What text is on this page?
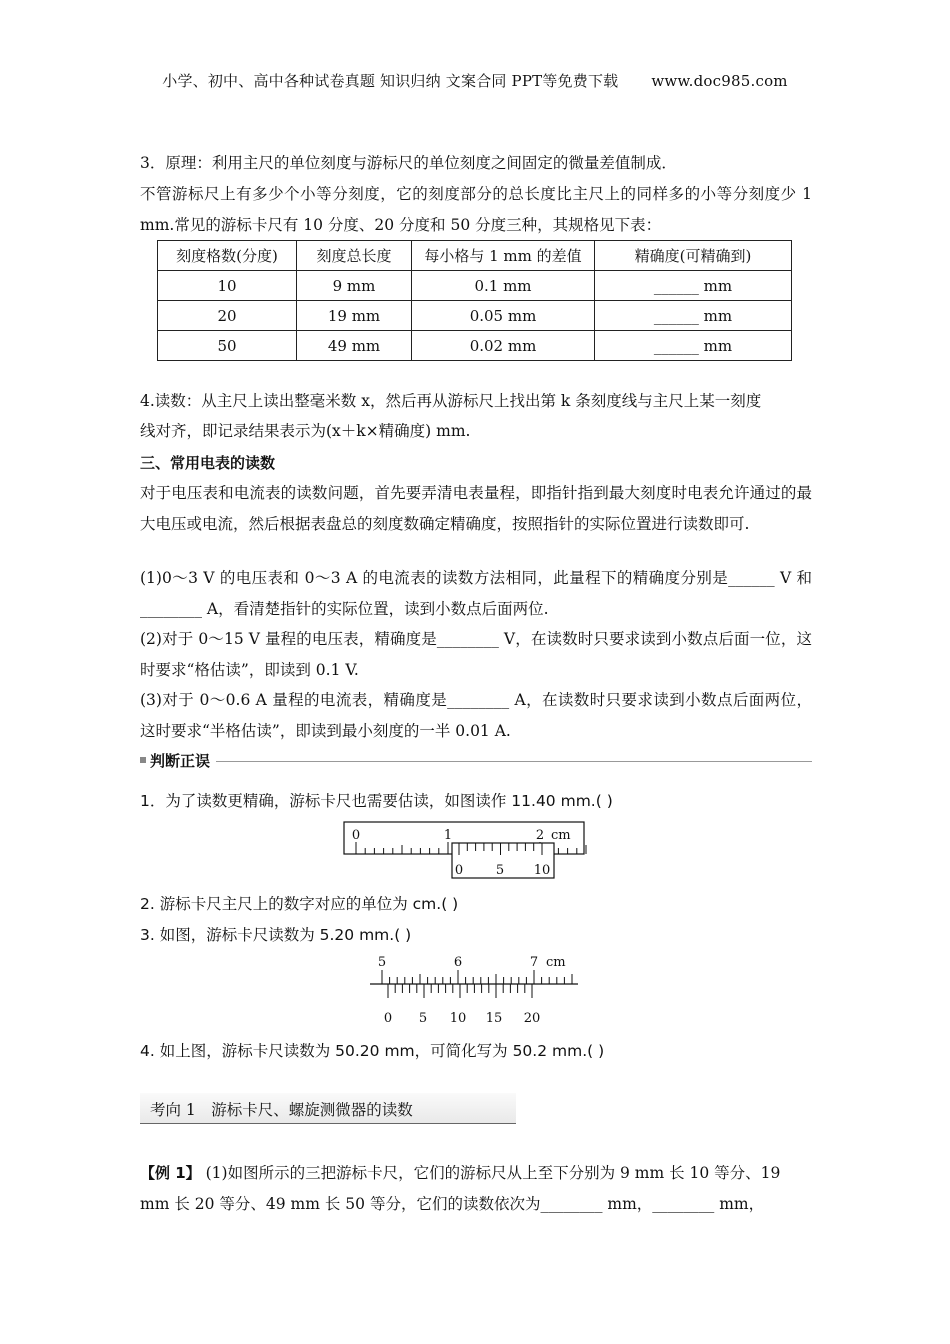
小学、初中、高中各种试卷真题 知识归纳 文案合同 PPT等免费下载 www.doc985.com

3．原理：利用主尺的单位刻度与游标尺的单位刻度之间固定的微量差值制成．

不管游标尺上有多少个小等分刻度，它的刻度部分的总长度比主尺上的同样多的小等分刻度少 1 mm.常见的游标卡尺有 10 分度、20 分度和 50 分度三种，其规格见下表：

刻度格数(分度)	刻度总长度	每小格与 1 mm 的差值	精确度(可精确到)
10	9 mm	0.1 mm	______ mm
20	19 mm	0.05 mm	______ mm
50	49 mm	0.02 mm	______ mm

4.读数：从主尺上读出整毫米数 x，然后再从游标尺上找出第 k 条刻度线与主尺上某一刻度

线对齐，即记录结果表示为(x＋k×精确度) mm.

三、常用电表的读数

对于电压表和电流表的读数问题，首先要弄清电表量程，即指针指到最大刻度时电表允许通过的最大电压或电流，然后根据表盘总的刻度数确定精确度，按照指针的实际位置进行读数即可.

(1)0～3 V 的电压表和 0～3 A 的电流表的读数方法相同，此量程下的精确度分别是______ V 和________ A，看清楚指针的实际位置，读到小数点后面两位.

(2)对于 0～15 V 量程的电压表，精确度是________ V，在读数时只要求读到小数点后面一位，这时要求“格估读”，即读到 0.1 V.

(3)对于 0～0.6 A 量程的电流表，精确度是________ A，在读数时只要求读到小数点后面两位，这时要求“半格估读”，即读到最小刻度的一半 0.01 A.

判断正误
1．为了读数更精确，游标卡尺也需要估读，如图读作 11.40 mm.( )
0	1	2 cm
0	5 10
2. 游标卡尺主尺上的数字对应的单位为 cm.( )
3. 如图，游标卡尺读数为 5.20 mm.( )
5	6	7 cm
0 5 10 15 20
4. 如上图，游标卡尺读数为 50.20 mm，可简化写为 50.2 mm.( )
考向 1　游标卡尺、螺旋测微器的读数
【例 1】 (1)如图所示的三把游标卡尺，它们的游标尺从上至下分别为 9 mm 长 10 等分、19
mm 长 20 等分、49 mm 长 50 等分，它们的读数依次为________ mm，________ mm，
